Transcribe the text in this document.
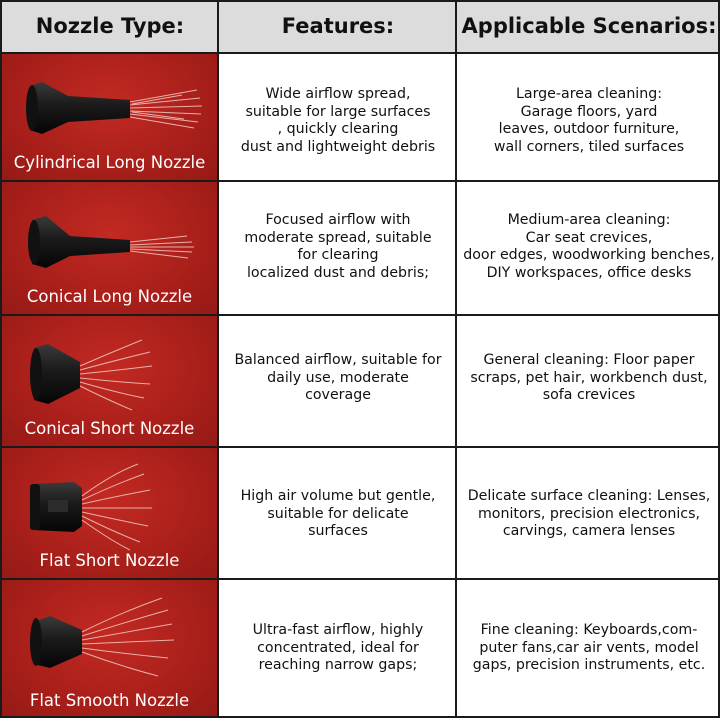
Nozzle Type:	Features:	Applicable Scenarios:
Cylindrical Long Nozzle
Wide airflow spread,
suitable for large surfaces
, quickly clearing
dust and lightweight debris
Large-area cleaning:
Garage floors, yard
leaves, outdoor furniture,
wall corners, tiled surfaces
Conical Long Nozzle
Focused airflow with
moderate spread, suitable
for clearing
localized dust and debris;
Medium-area cleaning:
Car seat crevices,
door edges, woodworking benches,
DIY workspaces, office desks
Conical Short Nozzle
Balanced airflow, suitable for
daily use, moderate
coverage
General cleaning: Floor paper
scraps, pet hair, workbench dust,
sofa crevices
Flat Short Nozzle
High air volume but gentle,
suitable for delicate
surfaces
Delicate surface cleaning: Lenses,
monitors, precision electronics,
carvings, camera lenses
Flat Smooth Nozzle
Ultra-fast airflow, highly
concentrated, ideal for
reaching narrow gaps;
Fine cleaning: Keyboards,com-
puter fans,car air vents, model
gaps, precision instruments, etc.
